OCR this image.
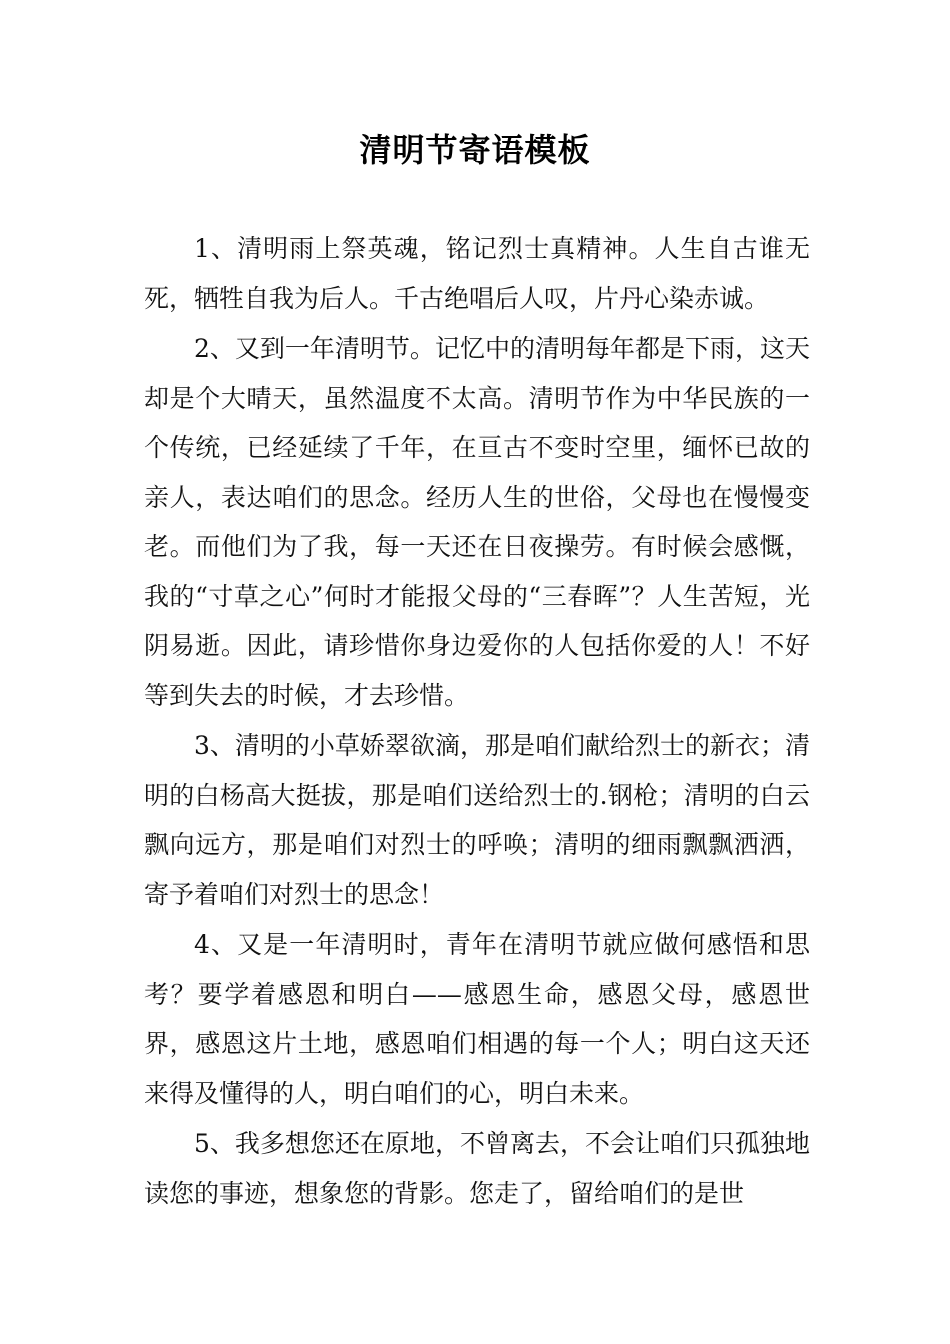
清明节寄语模板

1、清明雨上祭英魂，铭记烈士真精神。人生自古谁无死，牺牲自我为后人。千古绝唱后人叹，片丹心染赤诚。

2、又到一年清明节。记忆中的清明每年都是下雨，这天却是个大晴天，虽然温度不太高。清明节作为中华民族的一个传统，已经延续了千年，在亘古不变时空里，缅怀已故的亲人，表达咱们的思念。经历人生的世俗，父母也在慢慢变老。而他们为了我，每一天还在日夜操劳。有时候会感慨，我的“寸草之心”何时才能报父母的“三春晖”？人生苦短，光阴易逝。因此，请珍惜你身边爱你的人包括你爱的人！不好等到失去的时候，才去珍惜。

3、清明的小草娇翠欲滴，那是咱们献给烈士的新衣；清明的白杨高大挺拔，那是咱们送给烈士的.钢枪；清明的白云飘向远方，那是咱们对烈士的呼唤；清明的细雨飘飘洒洒，寄予着咱们对烈士的思念！

4、又是一年清明时，青年在清明节就应做何感悟和思考？要学着感恩和明白——感恩生命，感恩父母，感恩世界，感恩这片土地，感恩咱们相遇的每一个人；明白这天还来得及懂得的人，明白咱们的心，明白未来。

5、我多想您还在原地，不曾离去，不会让咱们只孤独地读您的事迹，想象您的背影。您走了，留给咱们的是世
